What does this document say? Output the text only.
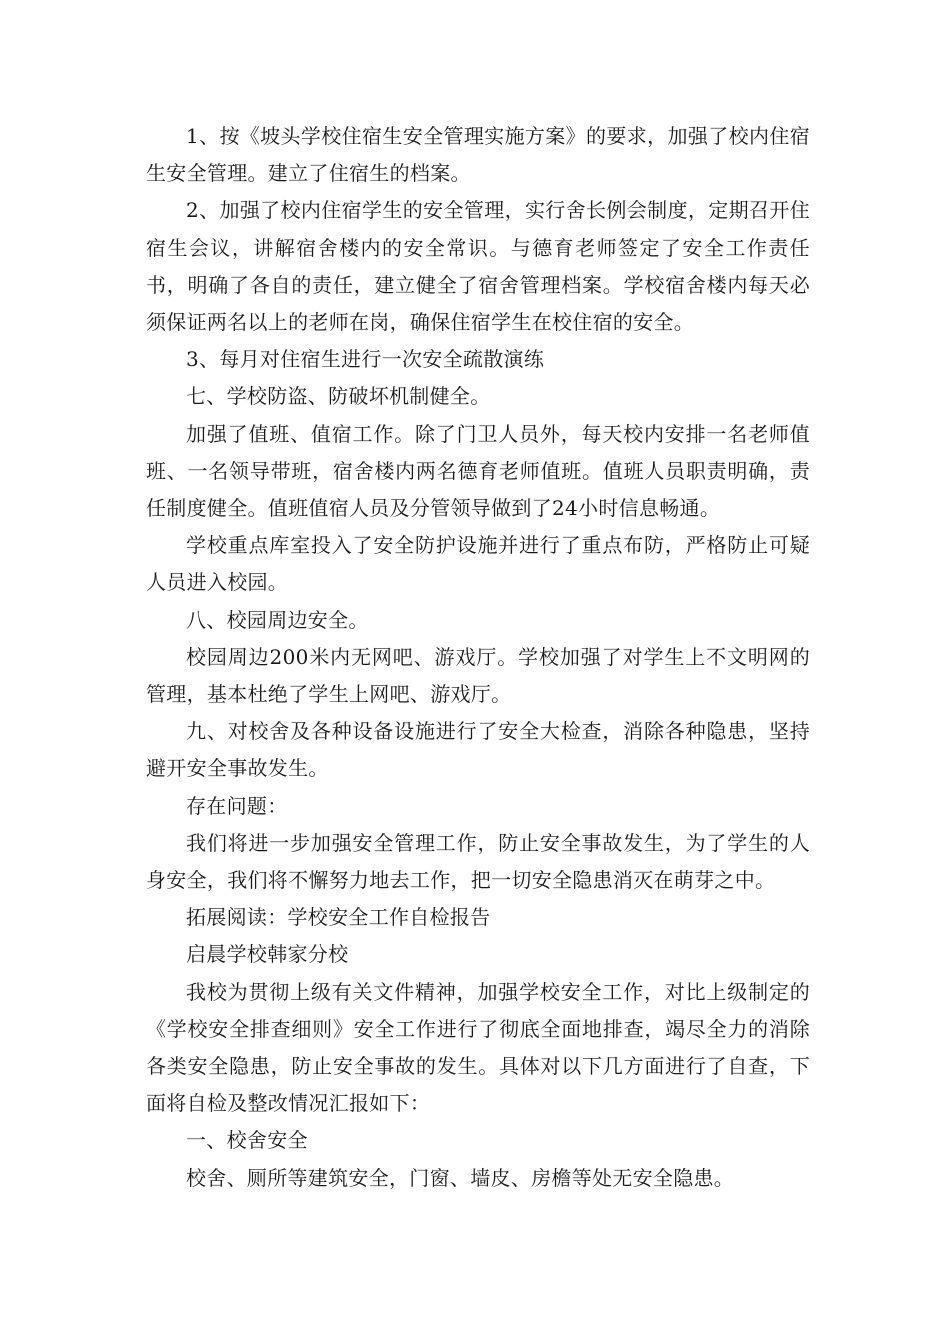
1、按《坡头学校住宿生安全管理实施方案》的要求，加强了校内住宿生安全管理。建立了住宿生的档案。

2、加强了校内住宿学生的安全管理，实行舍长例会制度，定期召开住宿生会议，讲解宿舍楼内的安全常识。与德育老师签定了安全工作责任书，明确了各自的责任，建立健全了宿舍管理档案。学校宿舍楼内每天必须保证两名以上的老师在岗，确保住宿学生在校住宿的安全。

3、每月对住宿生进行一次安全疏散演练

七、学校防盗、防破坏机制健全。

加强了值班、值宿工作。除了门卫人员外，每天校内安排一名老师值班、一名领导带班，宿舍楼内两名德育老师值班。值班人员职责明确，责任制度健全。值班值宿人员及分管领导做到了24小时信息畅通。

学校重点库室投入了安全防护设施并进行了重点布防，严格防止可疑人员进入校园。

八、校园周边安全。

校园周边200米内无网吧、游戏厅。学校加强了对学生上不文明网的管理，基本杜绝了学生上网吧、游戏厅。

九、对校舍及各种设备设施进行了安全大检查，消除各种隐患，坚持避开安全事故发生。

存在问题：

我们将进一步加强安全管理工作，防止安全事故发生，为了学生的人身安全，我们将不懈努力地去工作，把一切安全隐患消灭在萌芽之中。

拓展阅读：学校安全工作自检报告

启晨学校韩家分校

我校为贯彻上级有关文件精神，加强学校安全工作，对比上级制定的《学校安全排查细则》安全工作进行了彻底全面地排查，竭尽全力的消除各类安全隐患，防止安全事故的发生。具体对以下几方面进行了自查，下面将自检及整改情况汇报如下：

一、校舍安全

校舍、厕所等建筑安全，门窗、墙皮、房檐等处无安全隐患。
